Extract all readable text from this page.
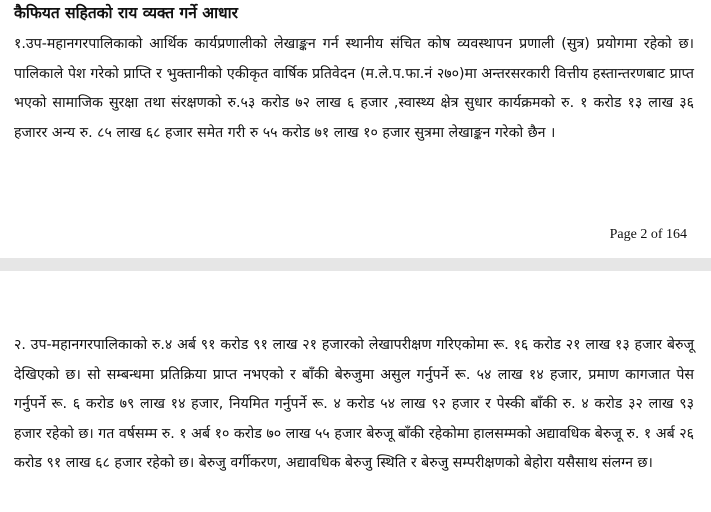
कैफियत सहितको राय व्यक्त गर्ने आधार
१.उप-महानगरपालिकाको आर्थिक कार्यप्रणालीको लेखाङ्कन गर्न स्थानीय संचित कोष व्यवस्थापन प्रणाली (सुत्र) प्रयोगमा रहेको छ। पालिकाले पेश गरेको प्राप्ति र भुक्तानीको एकीकृत वार्षिक प्रतिवेदन (म.ले.प.फा.नं २७०)मा अन्तरसरकारी वित्तीय हस्तान्तरणबाट प्राप्त भएको सामाजिक सुरक्षा तथा संरक्षणको रु.५३ करोड ७२ लाख ६ हजार ,स्वास्थ्य क्षेत्र सुधार कार्यक्रमको रु. १ करोड १३ लाख ३६ हजारर अन्य रु. ८५ लाख ६८ हजार समेत गरी रु ५५ करोड ७१ लाख १० हजार सुत्रमा लेखाङ्कन गरेको छैन ।
Page 2 of 164
२. उप-महानगरपालिकाको रु.४ अर्ब ९१ करोड ९१ लाख २१ हजारको लेखापरीक्षण गरिएकोमा रू. १६ करोड २१ लाख १३ हजार बेरुजू देखिएको छ। सो सम्बन्धमा प्रतिक्रिया प्राप्त नभएको र बाँकी बेरुजुमा असुल गर्नुपर्ने रू. ५४ लाख १४ हजार, प्रमाण कागजात पेस गर्नुपर्ने रू. ६ करोड ७९ लाख १४ हजार, नियमित गर्नुपर्ने रू. ४ करोड ५४ लाख ९२ हजार र पेस्की बाँकी रु. ४ करोड ३२ लाख ९३ हजार रहेको छ। गत वर्षसम्म रु. १ अर्ब १० करोड ७० लाख ५५ हजार बेरुजू बाँकी रहेकोमा हालसम्मको अद्यावधिक बेरुजू रु. १ अर्ब २६ करोड ९१ लाख ६८ हजार रहेको छ। बेरुजु वर्गीकरण, अद्यावधिक बेरुजु स्थिति र बेरुजु सम्परीक्षणको बेहोरा यसैसाथ संलग्न छ।
